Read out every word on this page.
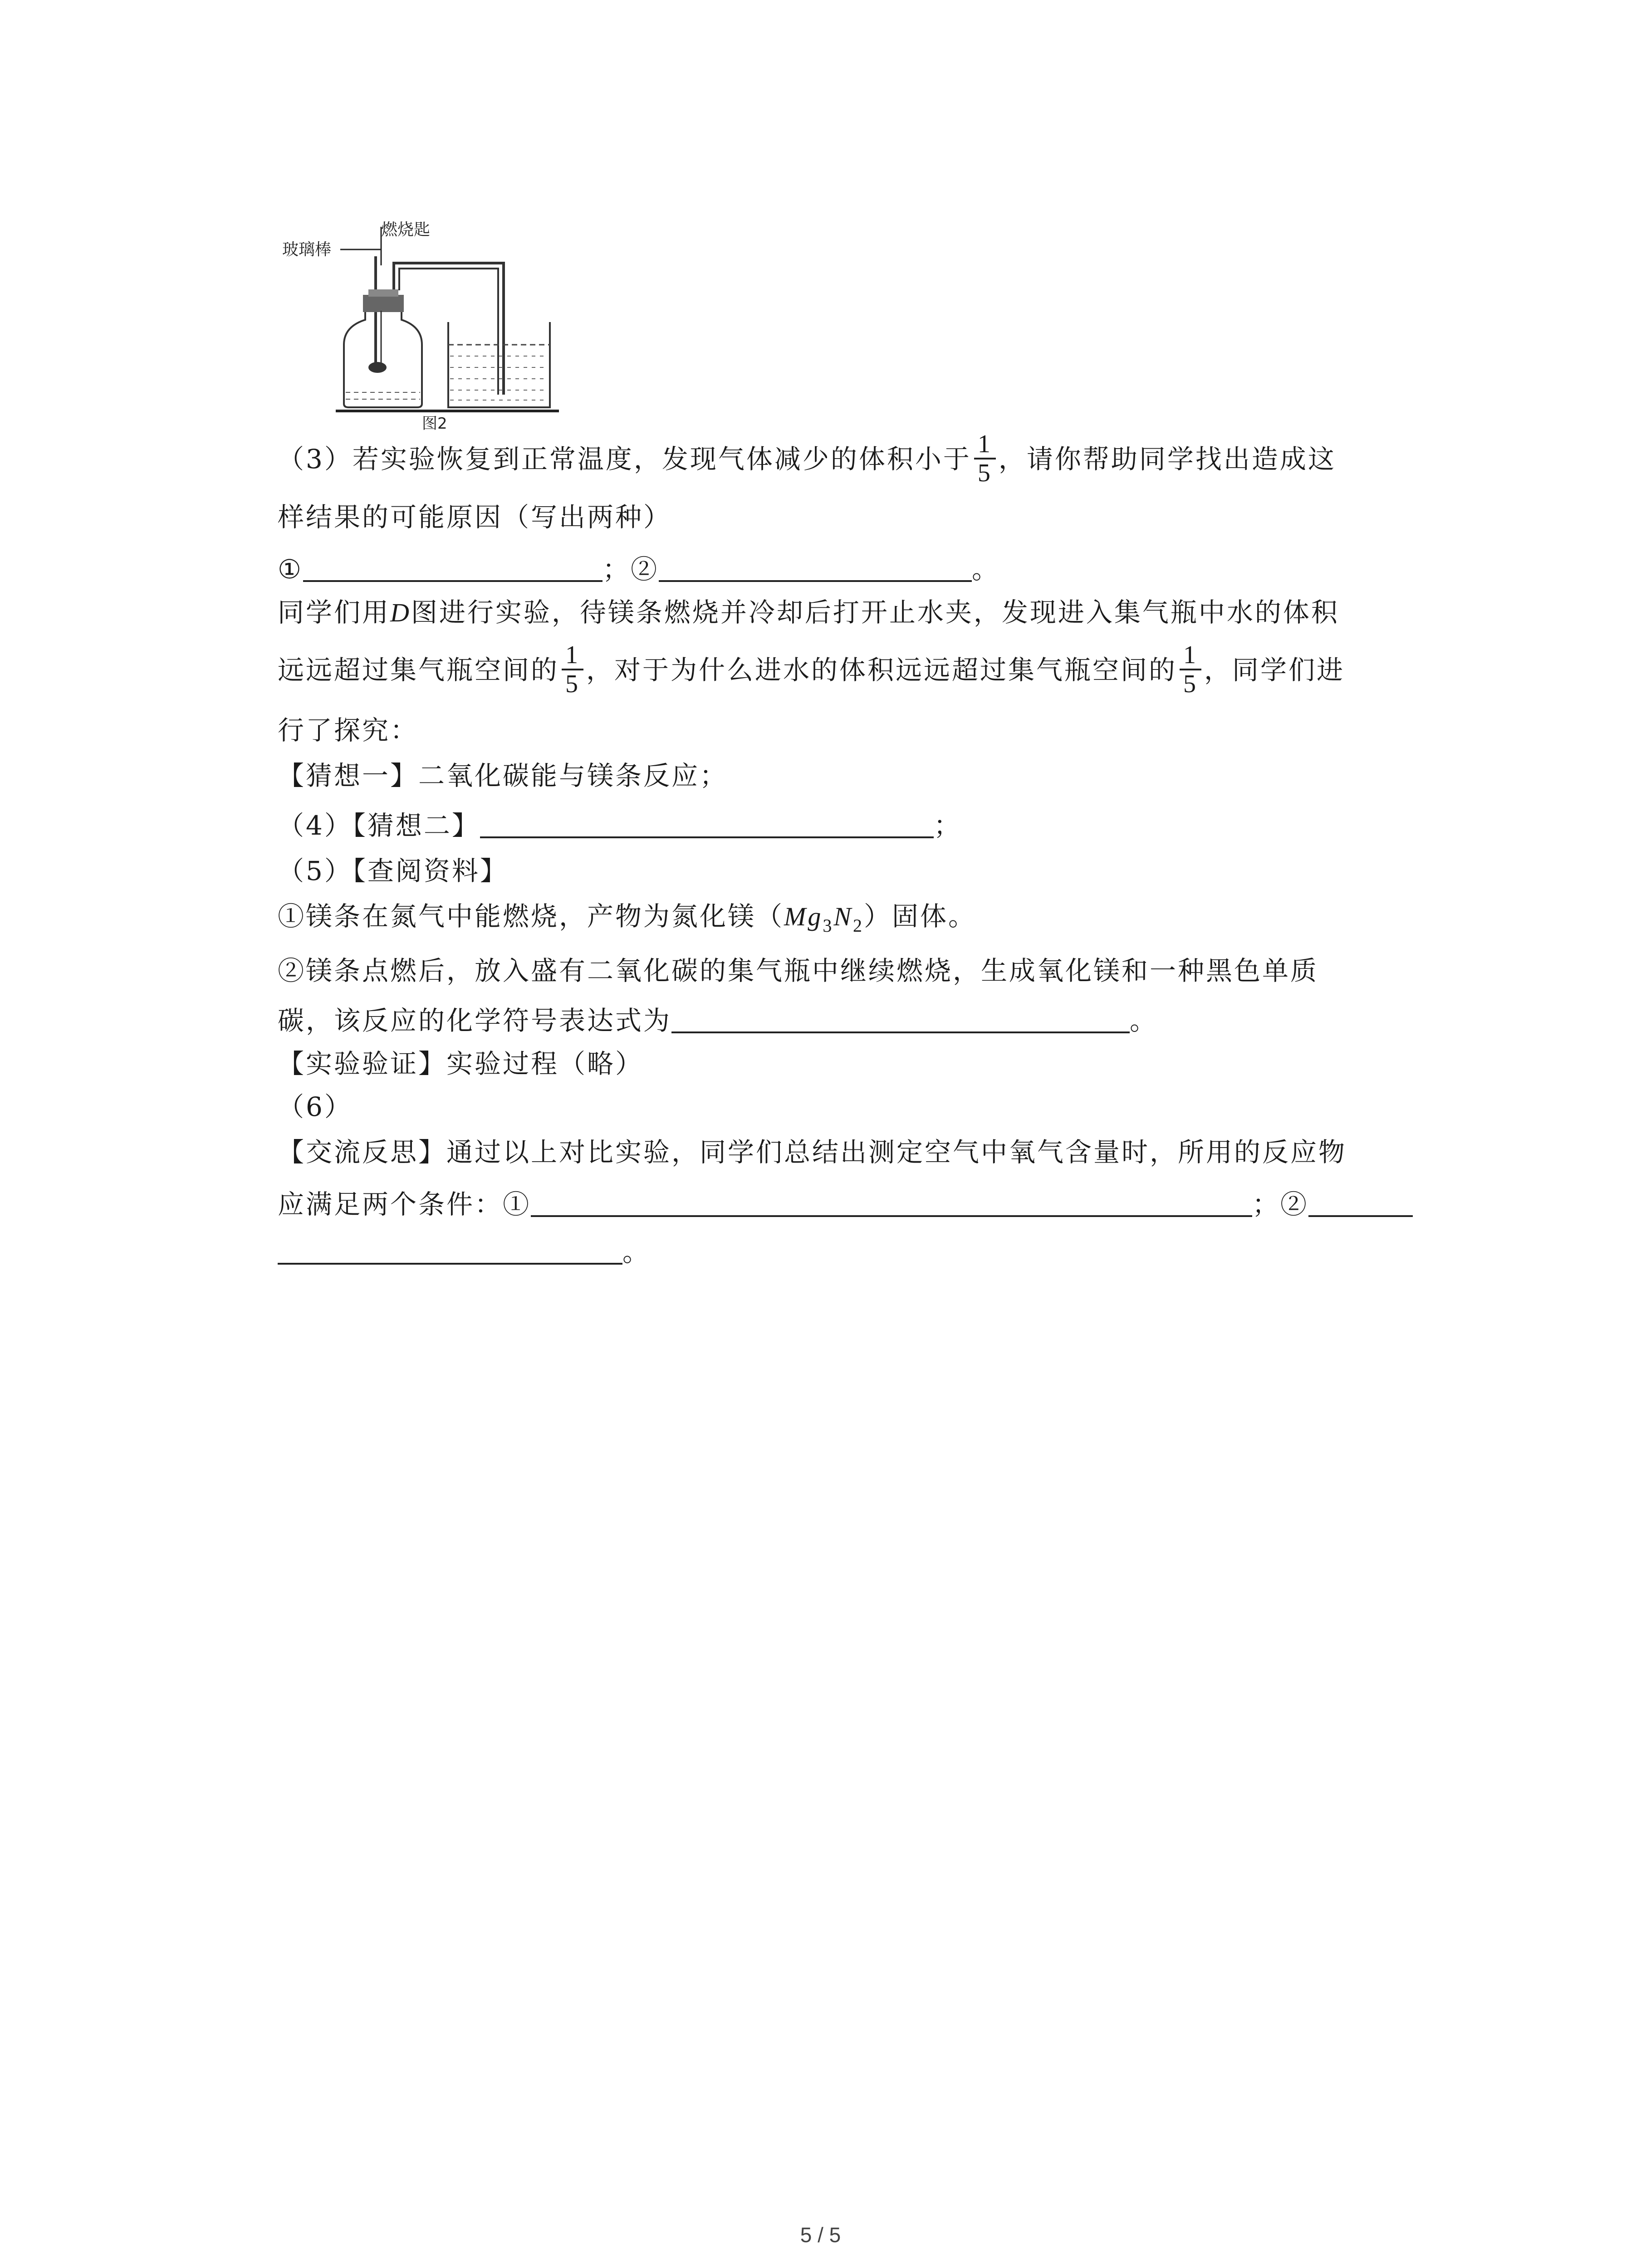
玻璃棒
燃烧匙
图2
（3）若实验恢复到正常温度，发现气体减少的体积小于 $\frac{1}{5}$ ，请你帮助同学找出造成这
样结果的可能原因（写出两种）
①	；②	。
同学们用D图进行实验，待镁条燃烧并冷却后打开止水夹，发现进入集气瓶中水的体积
远远超过集气瓶空间的 $\frac{1}{5}$ ，对于为什么进水的体积远远超过集气瓶空间的 $\frac{1}{5}$ ，同学们进
行了探究：
【猜想一】二氧化碳能与镁条反应；
（4）【猜想二】	；
（5）【查阅资料】
①镁条在氮气中能燃烧，产物为氮化镁$(Mg_3N_2)$固体。
②镁条点燃后，放入盛有二氧化碳的集气瓶中继续燃烧，生成氧化镁和一种黑色单质
碳，该反应的化学符号表达式为	。
【实验验证】实验过程（略）
（6）
【交流反思】通过以上对比实验，同学们总结出测定空气中氧气含量时，所用的反应物
应满足两个条件：①	；②
。
5 / 5
